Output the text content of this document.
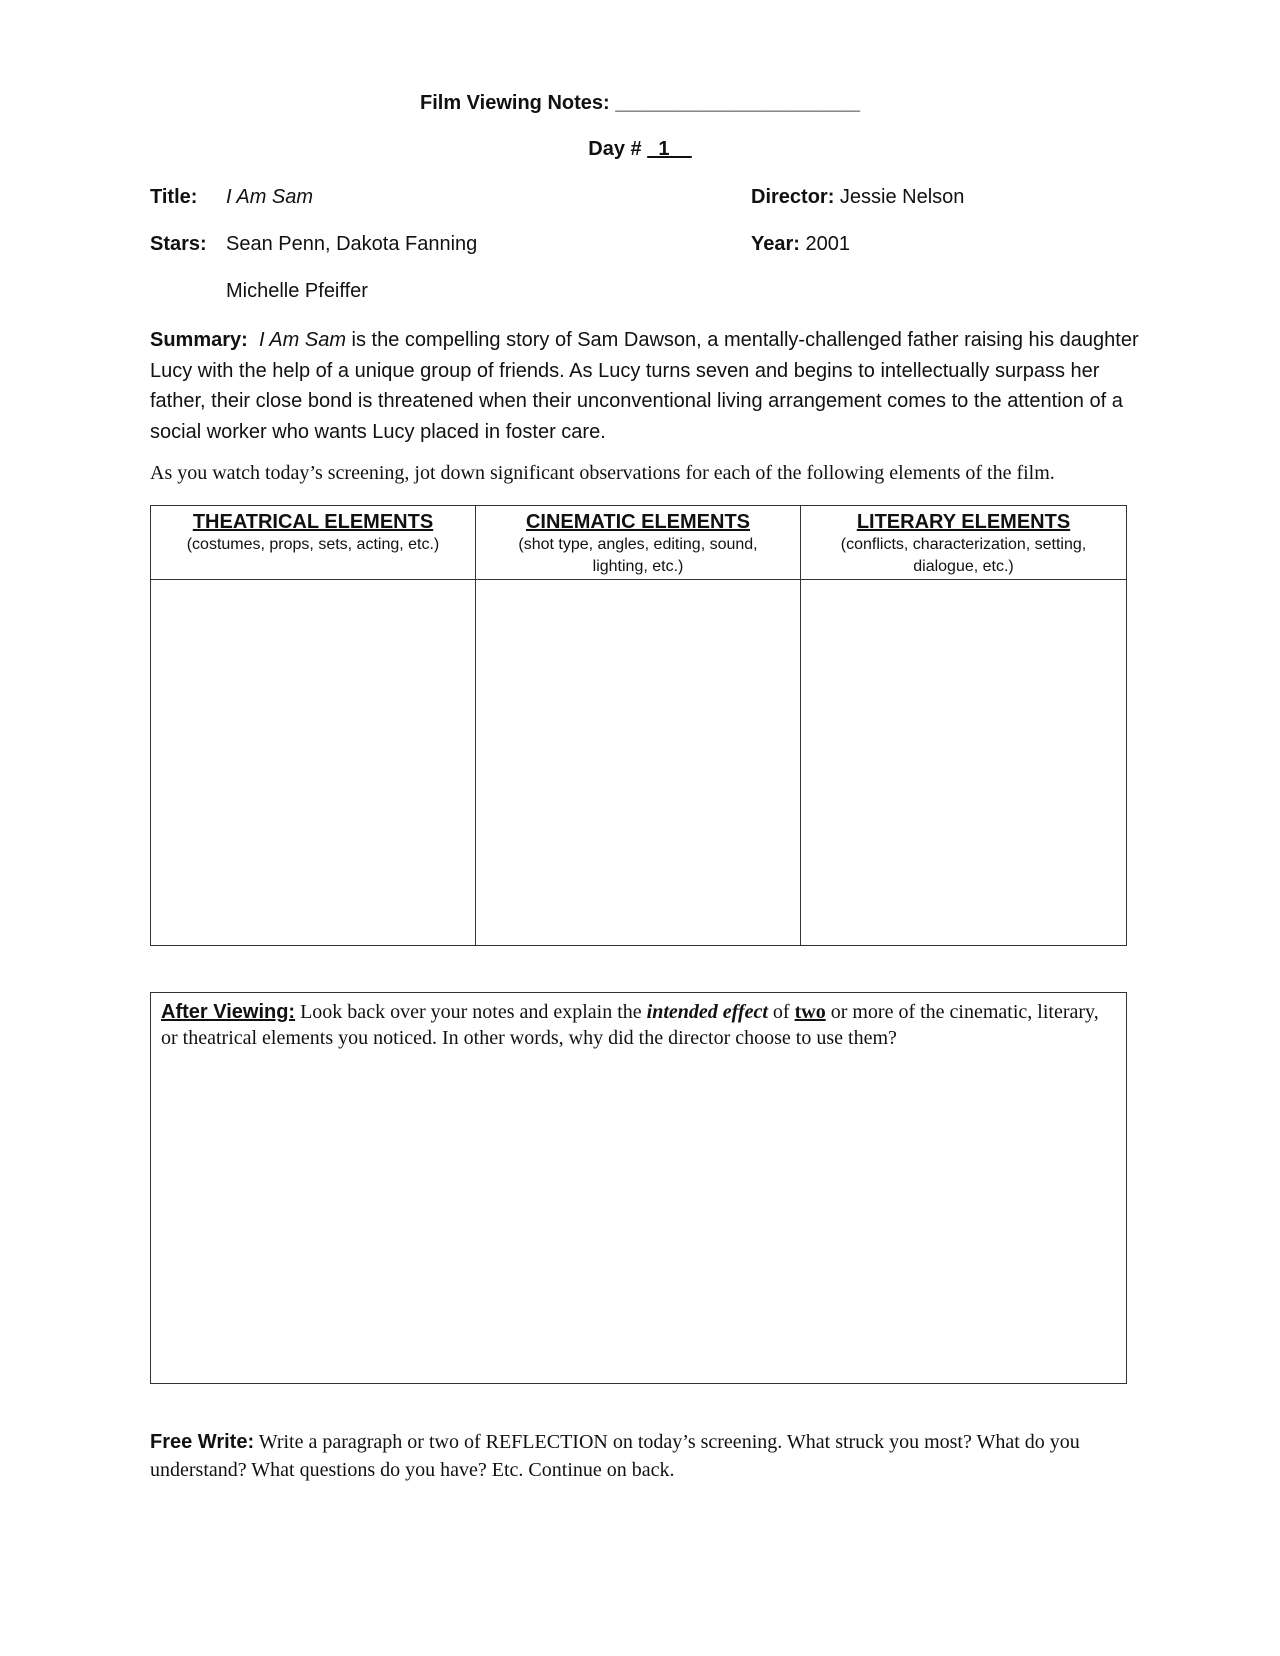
Film Viewing Notes: ______________________
Day # _1__
Title: I Am Sam
Stars: Sean Penn, Dakota Fanning
Michelle Pfeiffer
Director: Jessie Nelson
Year: 2001
Summary: I Am Sam is the compelling story of Sam Dawson, a mentally-challenged father raising his daughter Lucy with the help of a unique group of friends. As Lucy turns seven and begins to intellectually surpass her father, their close bond is threatened when their unconventional living arrangement comes to the attention of a social worker who wants Lucy placed in foster care.
As you watch today’s screening, jot down significant observations for each of the following elements of the film.
THEATRICAL ELEMENTS
(costumes, props, sets, acting, etc.)
CINEMATIC ELEMENTS
(shot type, angles, editing, sound, lighting, etc.)
LITERARY ELEMENTS
(conflicts, characterization, setting, dialogue, etc.)
After Viewing: Look back over your notes and explain the intended effect of two or more of the cinematic, literary, or theatrical elements you noticed. In other words, why did the director choose to use them?
Free Write: Write a paragraph or two of REFLECTION on today’s screening. What struck you most? What do you understand? What questions do you have? Etc. Continue on back.
